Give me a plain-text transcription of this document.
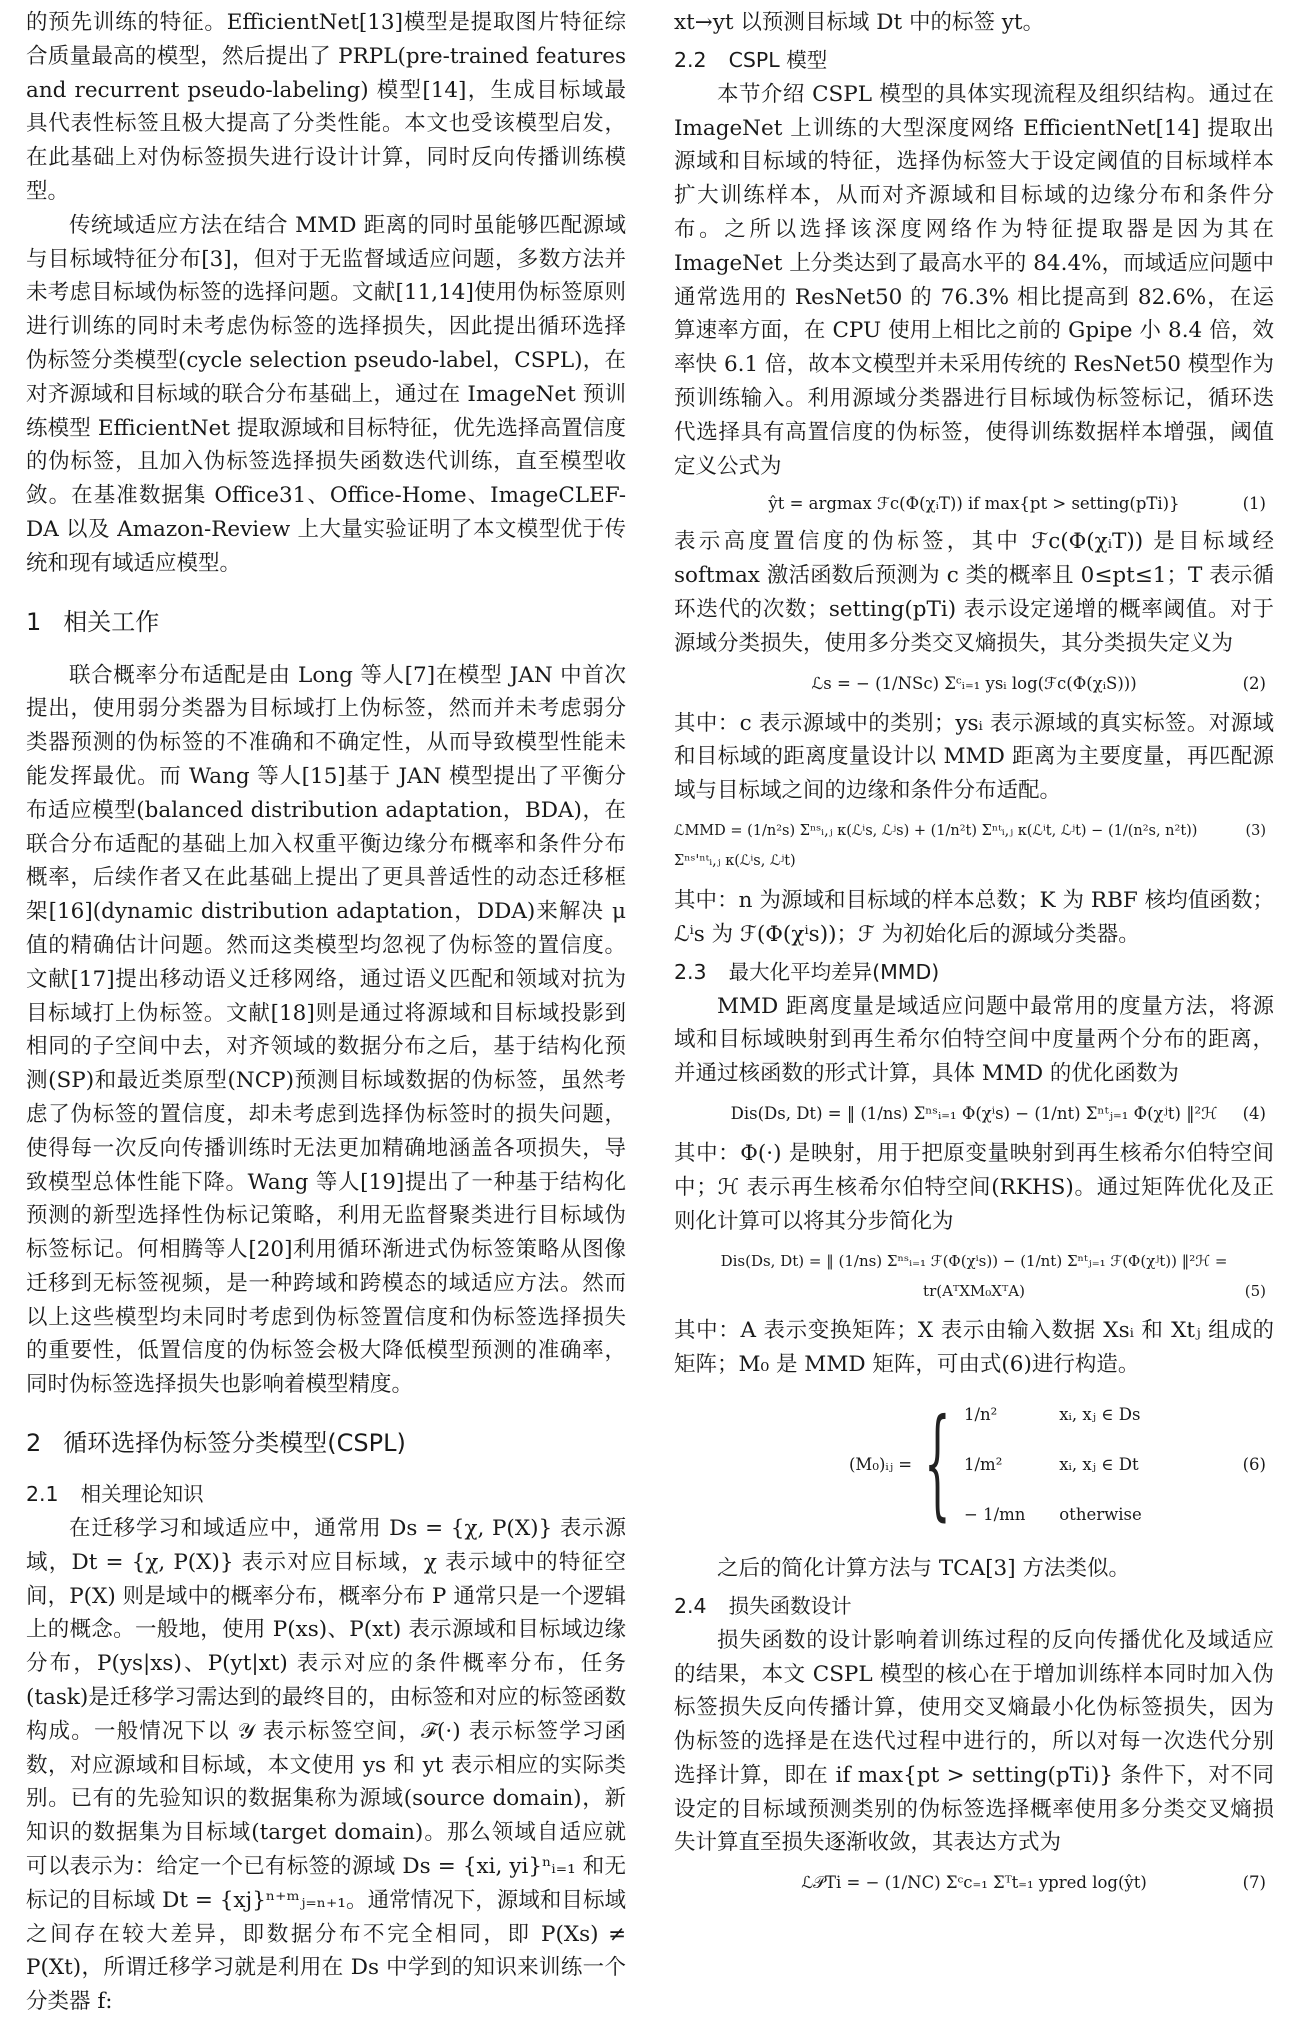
的预先训练的特征。EfficientNet[13]模型是提取图片特征综合质量最高的模型，然后提出了 PRPL(pre-trained features and recurrent pseudo-labeling) 模型[14]，生成目标域最具代表性标签且极大提高了分类性能。本文也受该模型启发，在此基础上对伪标签损失进行设计计算，同时反向传播训练模型。

传统域适应方法在结合 MMD 距离的同时虽能够匹配源域与目标域特征分布[3]，但对于无监督域适应问题，多数方法并未考虑目标域伪标签的选择问题。文献[11,14]使用伪标签原则进行训练的同时未考虑伪标签的选择损失，因此提出循环选择伪标签分类模型(cycle selection pseudo-label，CSPL)，在对齐源域和目标域的联合分布基础上，通过在 ImageNet 预训练模型 EfficientNet 提取源域和目标特征，优先选择高置信度的伪标签，且加入伪标签选择损失函数迭代训练，直至模型收敛。在基准数据集 Office31、Office-Home、ImageCLEF-DA 以及 Amazon-Review 上大量实验证明了本文模型优于传统和现有域适应模型。

1 相关工作

联合概率分布适配是由 Long 等人[7]在模型 JAN 中首次提出，使用弱分类器为目标域打上伪标签，然而并未考虑弱分类器预测的伪标签的不准确和不确定性，从而导致模型性能未能发挥最优。而 Wang 等人[15]基于 JAN 模型提出了平衡分布适应模型(balanced distribution adaptation，BDA)，在联合分布适配的基础上加入权重平衡边缘分布概率和条件分布概率，后续作者又在此基础上提出了更具普适性的动态迁移框架[16](dynamic distribution adaptation，DDA)来解决 μ 值的精确估计问题。然而这类模型均忽视了伪标签的置信度。文献[17]提出移动语义迁移网络，通过语义匹配和领域对抗为目标域打上伪标签。文献[18]则是通过将源域和目标域投影到相同的子空间中去，对齐领域的数据分布之后，基于结构化预测(SP)和最近类原型(NCP)预测目标域数据的伪标签，虽然考虑了伪标签的置信度，却未考虑到选择伪标签时的损失问题，使得每一次反向传播训练时无法更加精确地涵盖各项损失，导致模型总体性能下降。Wang 等人[19]提出了一种基于结构化预测的新型选择性伪标记策略，利用无监督聚类进行目标域伪标签标记。何相腾等人[20]利用循环渐进式伪标签策略从图像迁移到无标签视频，是一种跨域和跨模态的域适应方法。然而以上这些模型均未同时考虑到伪标签置信度和伪标签选择损失的重要性，低置信度的伪标签会极大降低模型预测的准确率，同时伪标签选择损失也影响着模型精度。

2 循环选择伪标签分类模型(CSPL)
2.1 相关理论知识

在迁移学习和域适应中，通常用 Ds = {χ, P(X)} 表示源域，Dt = {χ, P(X)} 表示对应目标域，χ 表示域中的特征空间，P(X) 则是域中的概率分布，概率分布 P 通常只是一个逻辑上的概念。一般地，使用 P(xs)、P(xt) 表示源域和目标域边缘分布，P(ys|xs)、P(yt|xt) 表示对应的条件概率分布，任务(task)是迁移学习需达到的最终目的，由标签和对应的标签函数构成。一般情况下以 𝒴 表示标签空间，ℱ(·) 表示标签学习函数，对应源域和目标域，本文使用 ys 和 yt 表示相应的实际类别。已有的先验知识的数据集称为源域(source domain)，新知识的数据集为目标域(target domain)。那么领域自适应就可以表示为：给定一个已有标签的源域 Ds = {xi, yi}ⁿᵢ₌₁ 和无标记的目标域 Dt = {xj}ⁿ⁺ᵐⱼ₌ₙ₊₁。通常情况下，源域和目标域之间存在较大差异，即数据分布不完全相同，即 P(Xs) ≠ P(Xt)，所谓迁移学习就是利用在 Ds 中学到的知识来训练一个分类器 f:

xt→yt 以预测目标域 Dt 中的标签 yt。

2.2 CSPL 模型

本节介绍 CSPL 模型的具体实现流程及组织结构。通过在 ImageNet 上训练的大型深度网络 EfficientNet[14] 提取出源域和目标域的特征，选择伪标签大于设定阈值的目标域样本扩大训练样本，从而对齐源域和目标域的边缘分布和条件分布。之所以选择该深度网络作为特征提取器是因为其在 ImageNet 上分类达到了最高水平的 84.4%，而域适应问题中通常选用的 ResNet50 的 76.3% 相比提高到 82.6%，在运算速率方面，在 CPU 使用上相比之前的 Gpipe 小 8.4 倍，效率快 6.1 倍，故本文模型并未采用传统的 ResNet50 模型作为预训练输入。利用源域分类器进行目标域伪标签标记，循环迭代选择具有高置信度的伪标签，使得训练数据样本增强，阈值定义公式为

ŷt = argmax ℱc(Φ(χᵢT)) if max{pt > setting(pTi)}	(1)

表示高度置信度的伪标签，其中 ℱc(Φ(χᵢT)) 是目标域经 softmax 激活函数后预测为 c 类的概率且 0≤pt≤1；T 表示循环迭代的次数；setting(pTi) 表示设定递增的概率阈值。对于源域分类损失，使用多分类交叉熵损失，其分类损失定义为

ℒs = − (1/NSc) Σᶜᵢ₌₁ ysᵢ log(ℱc(Φ(χᵢS)))	(2)

其中：c 表示源域中的类别；ysᵢ 表示源域的真实标签。对源域和目标域的距离度量设计以 MMD 距离为主要度量，再匹配源域与目标域之间的边缘和条件分布适配。

ℒMMD = (1/n²s) Σⁿˢᵢ,ⱼ κ(ℒⁱs, ℒʲs) + (1/n²t) Σⁿᵗᵢ,ⱼ κ(ℒⁱt, ℒʲt) − (1/(n²s, n²t)) Σⁿˢ'ⁿᵗᵢ,ⱼ κ(ℒⁱs, ℒʲt)
(3)

其中：n 为源域和目标域的样本总数；K 为 RBF 核均值函数；ℒⁱs 为 ℱ(Φ(χⁱs))；ℱ 为初始化后的源域分类器。

2.3 最大化平均差异(MMD)

MMD 距离度量是域适应问题中最常用的度量方法，将源域和目标域映射到再生希尔伯特空间中度量两个分布的距离，并通过核函数的形式计算，具体 MMD 的优化函数为

Dis(Ds, Dt) = ‖ (1/ns) Σⁿˢᵢ₌₁ Φ(χⁱs) − (1/nt) Σⁿᵗⱼ₌₁ Φ(χʲt) ‖²ℋ (4)

其中：Φ(·) 是映射，用于把原变量映射到再生核希尔伯特空间中；ℋ 表示再生核希尔伯特空间(RKHS)。通过矩阵优化及正则化计算可以将其分步简化为

Dis(Ds, Dt) = ‖ (1/ns) Σⁿˢᵢ₌₁ ℱ(Φ(χⁱs)) − (1/nt) Σⁿᵗⱼ₌₁ ℱ(Φ(χʲt)) ‖²ℋ =
tr(AᵀXM₀XᵀA)	(5)

其中：A 表示变换矩阵；X 表示由输入数据 Xsᵢ 和 Xtⱼ 组成的矩阵；M₀ 是 MMD 矩阵，可由式(6)进行构造。

(M₀)ᵢⱼ = { 1/n²	xᵢ, xⱼ ∈ Ds
1/m²	xᵢ, xⱼ ∈ Dt
− 1/mn otherwise
(6)

之后的简化计算方法与 TCA[3] 方法类似。

2.4 损失函数设计

损失函数的设计影响着训练过程的反向传播优化及域适应的结果，本文 CSPL 模型的核心在于增加训练样本同时加入伪标签损失反向传播计算，使用交叉熵最小化伪标签损失，因为伪标签的选择是在迭代过程中进行的，所以对每一次迭代分别选择计算，即在 if max{pt > setting(pTi)} 条件下，对不同设定的目标域预测类别的伪标签选择概率使用多分类交叉熵损失计算直至损失逐渐收敛，其表达方式为

ℒ𝒫Ti = − (1/NC) Σᶜc₌₁ Σᵀt₌₁ ypred log(ŷt)	(7)
